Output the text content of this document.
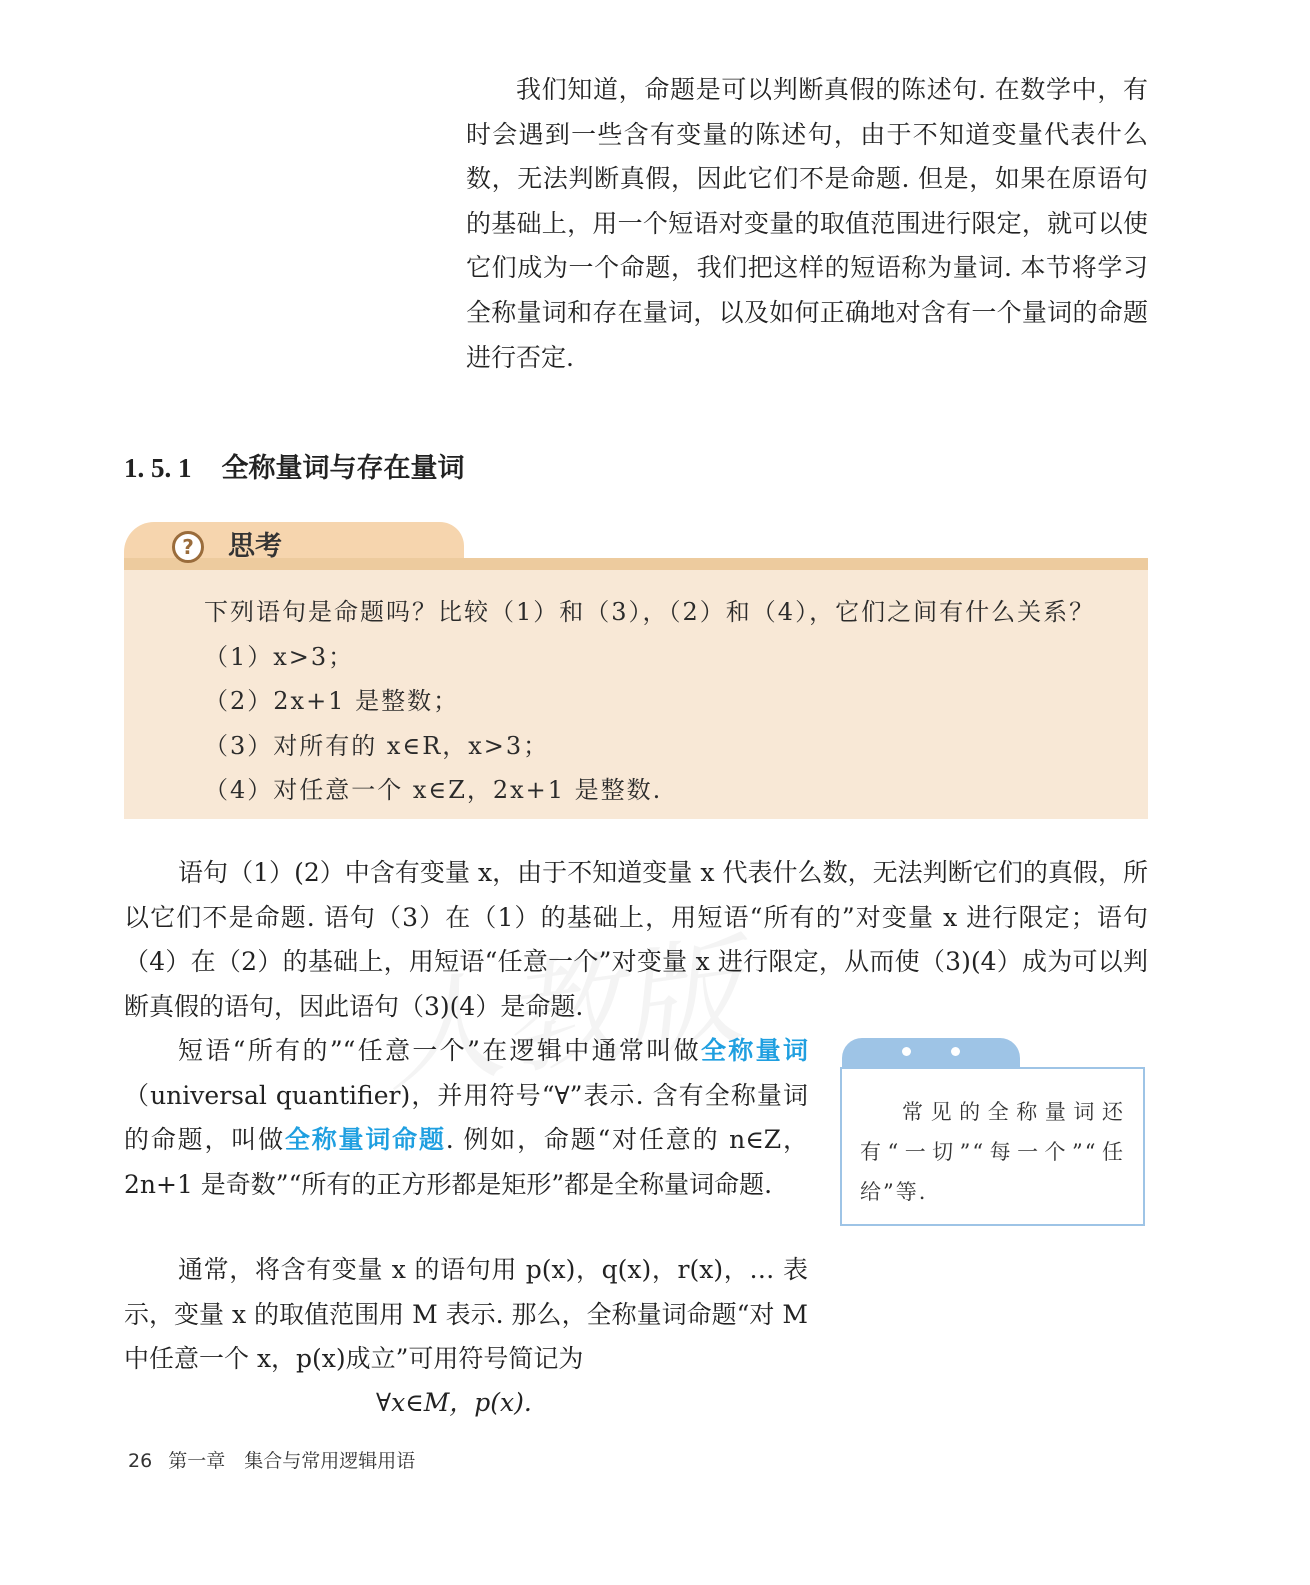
我们知道，命题是可以判断真假的陈述句. 在数学中，有时会遇到一些含有变量的陈述句，由于不知道变量代表什么数，无法判断真假，因此它们不是命题. 但是，如果在原语句的基础上，用一个短语对变量的取值范围进行限定，就可以使它们成为一个命题，我们把这样的短语称为量词. 本节将学习全称量词和存在量词，以及如何正确地对含有一个量词的命题进行否定.
1. 5. 1 全称量词与存在量词
?	思考
下列语句是命题吗？比较（1）和（3），（2）和（4），它们之间有什么关系？
（1）x>3；
（2）2x+1 是整数；
（3）对所有的 x∈R，x>3；
（4）对任意一个 x∈Z，2x+1 是整数.
语句（1）(2）中含有变量 x，由于不知道变量 x 代表什么数，无法判断它们的真假，所以它们不是命题. 语句（3）在（1）的基础上，用短语“所有的”对变量 x 进行限定；语句（4）在（2）的基础上，用短语“任意一个”对变量 x 进行限定，从而使（3)(4）成为可以判断真假的语句，因此语句（3)(4）是命题.
短语“所有的”“任意一个”在逻辑中通常叫做全称量词（universal quantifier)，并用符号“∀”表示. 含有全称量词的命题，叫做全称量词命题. 例如，命题“对任意的 n∈Z，2n+1 是奇数”“所有的正方形都是矩形”都是全称量词命题.
常见的全称量词还有“一切”“每一个”“任给”等.
通常，将含有变量 x 的语句用 p(x)，q(x)，r(x)，… 表示，变量 x 的取值范围用 M 表示. 那么，全称量词命题“对 M 中任意一个 x，p(x)成立”可用符号简记为
∀x∈M，p(x).
26 第一章　集合与常用逻辑用语
